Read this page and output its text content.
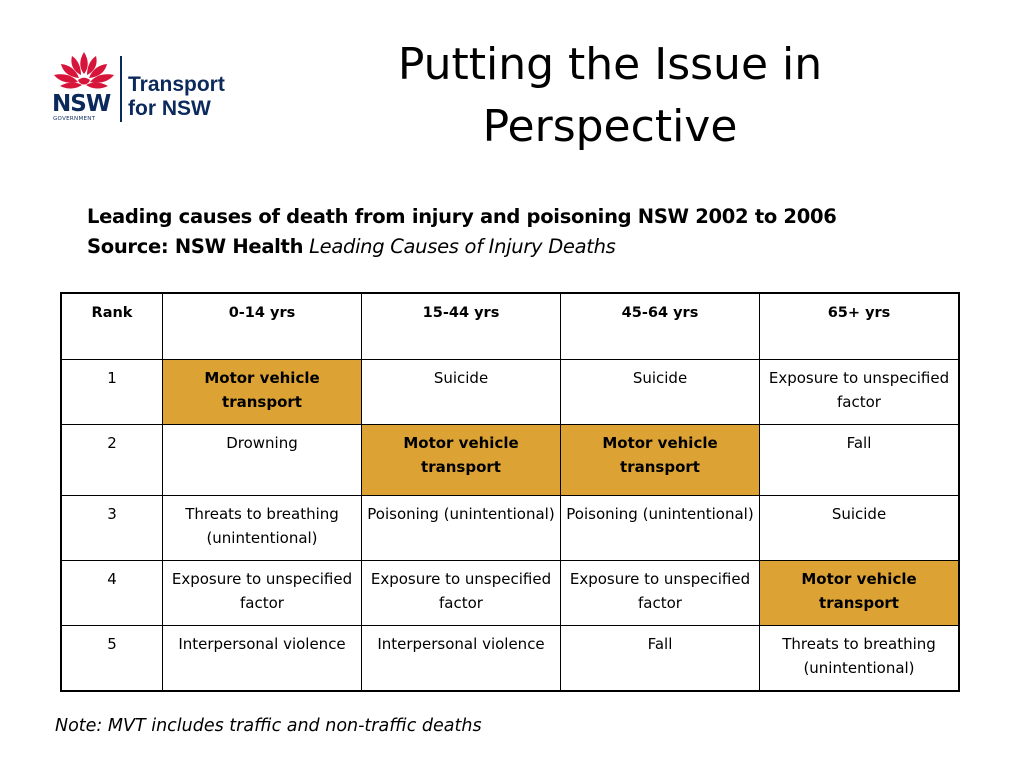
NSW
GOVERNMENT
Transport
for NSW
Putting the Issue in
Perspective
Leading causes of death from injury and poisoning NSW 2002 to 2006
Source: NSW Health Leading Causes of Injury Deaths
Rank	0-14 yrs	15-44 yrs	45-64 yrs	65+ yrs
1	Motor vehicle transport	Suicide	Suicide	Exposure to unspecified factor
2	Drowning	Motor vehicle transport	Motor vehicle transport	Fall
3	Threats to breathing (unintentional)	Poisoning (unintentional)	Poisoning (unintentional)	Suicide
4	Exposure to unspecified factor	Exposure to unspecified factor	Exposure to unspecified factor	Motor vehicle transport
5	Interpersonal violence	Interpersonal violence	Fall	Threats to breathing (unintentional)
Note: MVT includes traffic and non-traffic deaths
